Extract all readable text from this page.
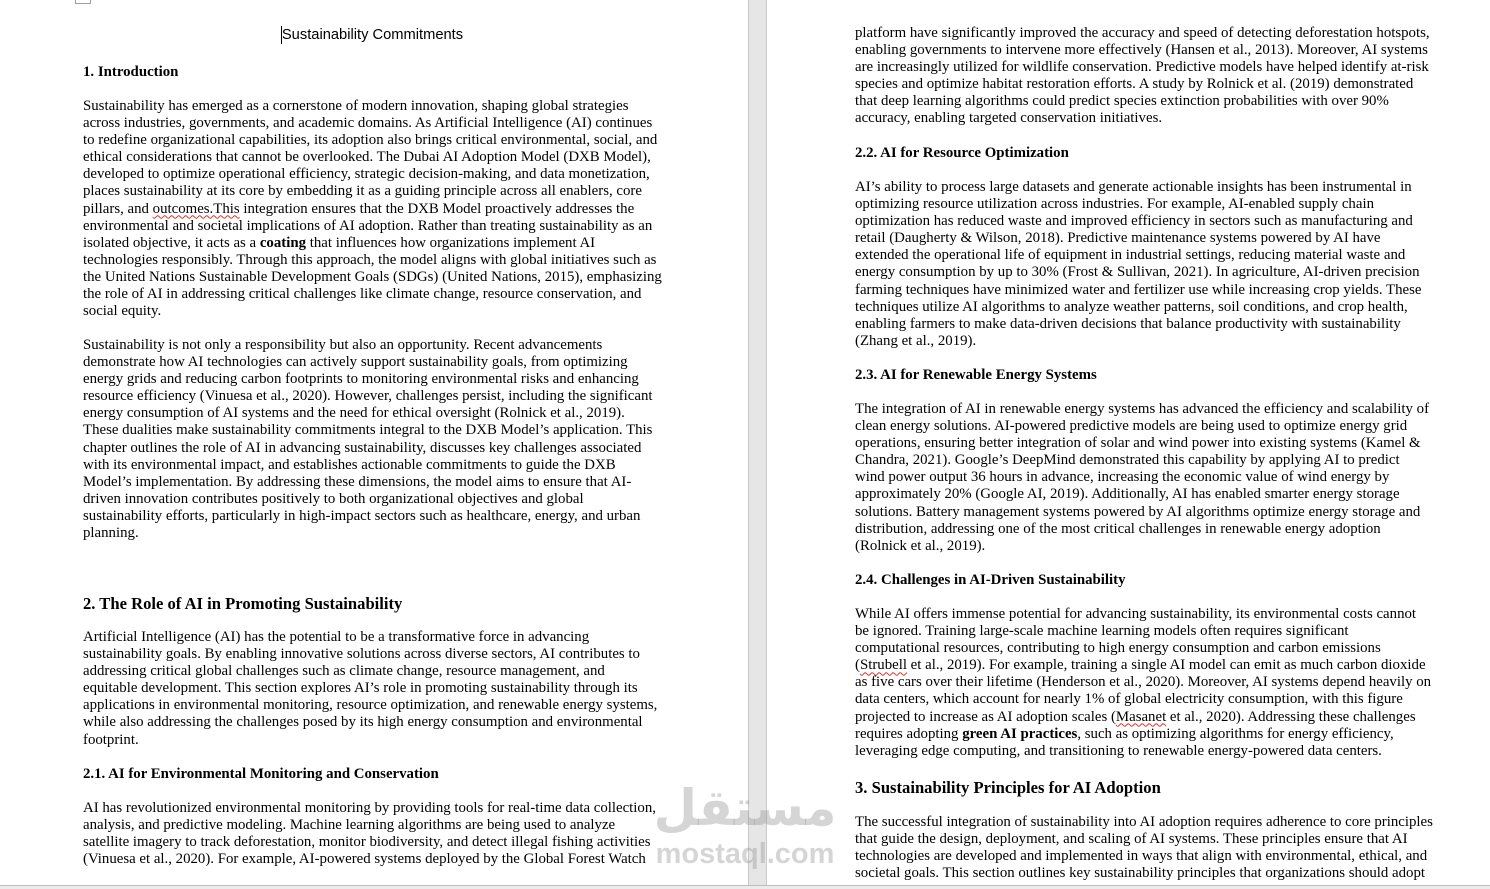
Sustainability Commitments
1. Introduction
Sustainability has emerged as a cornerstone of modern innovation, shaping global strategies
across industries, governments, and academic domains. As Artificial Intelligence (AI) continues
to redefine organizational capabilities, its adoption also brings critical environmental, social, and
ethical considerations that cannot be overlooked. The Dubai AI Adoption Model (DXB Model),
developed to optimize operational efficiency, strategic decision-making, and data monetization,
places sustainability at its core by embedding it as a guiding principle across all enablers, core
pillars, and outcomes.This integration ensures that the DXB Model proactively addresses the
environmental and societal implications of AI adoption. Rather than treating sustainability as an
isolated objective, it acts as a coating that influences how organizations implement AI
technologies responsibly. Through this approach, the model aligns with global initiatives such as
the United Nations Sustainable Development Goals (SDGs) (United Nations, 2015), emphasizing
the role of AI in addressing critical challenges like climate change, resource conservation, and
social equity.
Sustainability is not only a responsibility but also an opportunity. Recent advancements
demonstrate how AI technologies can actively support sustainability goals, from optimizing
energy grids and reducing carbon footprints to monitoring environmental risks and enhancing
resource efficiency (Vinuesa et al., 2020). However, challenges persist, including the significant
energy consumption of AI systems and the need for ethical oversight (Rolnick et al., 2019).
These dualities make sustainability commitments integral to the DXB Model’s application. This
chapter outlines the role of AI in advancing sustainability, discusses key challenges associated
with its environmental impact, and establishes actionable commitments to guide the DXB
Model’s implementation. By addressing these dimensions, the model aims to ensure that AI-
driven innovation contributes positively to both organizational objectives and global
sustainability efforts, particularly in high-impact sectors such as healthcare, energy, and urban
planning.
2. The Role of AI in Promoting Sustainability
Artificial Intelligence (AI) has the potential to be a transformative force in advancing
sustainability goals. By enabling innovative solutions across diverse sectors, AI contributes to
addressing critical global challenges such as climate change, resource management, and
equitable development. This section explores AI’s role in promoting sustainability through its
applications in environmental monitoring, resource optimization, and renewable energy systems,
while also addressing the challenges posed by its high energy consumption and environmental
footprint.
2.1. AI for Environmental Monitoring and Conservation
AI has revolutionized environmental monitoring by providing tools for real-time data collection,
analysis, and predictive modeling. Machine learning algorithms are being used to analyze
satellite imagery to track deforestation, monitor biodiversity, and detect illegal fishing activities
(Vinuesa et al., 2020). For example, AI-powered systems deployed by the Global Forest Watch
platform have significantly improved the accuracy and speed of detecting deforestation hotspots,
enabling governments to intervene more effectively (Hansen et al., 2013). Moreover, AI systems
are increasingly utilized for wildlife conservation. Predictive models have helped identify at-risk
species and optimize habitat restoration efforts. A study by Rolnick et al. (2019) demonstrated
that deep learning algorithms could predict species extinction probabilities with over 90%
accuracy, enabling targeted conservation initiatives.
2.2. AI for Resource Optimization
AI’s ability to process large datasets and generate actionable insights has been instrumental in
optimizing resource utilization across industries. For example, AI-enabled supply chain
optimization has reduced waste and improved efficiency in sectors such as manufacturing and
retail (Daugherty & Wilson, 2018). Predictive maintenance systems powered by AI have
extended the operational life of equipment in industrial settings, reducing material waste and
energy consumption by up to 30% (Frost & Sullivan, 2021). In agriculture, AI-driven precision
farming techniques have minimized water and fertilizer use while increasing crop yields. These
techniques utilize AI algorithms to analyze weather patterns, soil conditions, and crop health,
enabling farmers to make data-driven decisions that balance productivity with sustainability
(Zhang et al., 2019).
2.3. AI for Renewable Energy Systems
The integration of AI in renewable energy systems has advanced the efficiency and scalability of
clean energy solutions. AI-powered predictive models are being used to optimize energy grid
operations, ensuring better integration of solar and wind power into existing systems (Kamel &
Chandra, 2021). Google’s DeepMind demonstrated this capability by applying AI to predict
wind power output 36 hours in advance, increasing the economic value of wind energy by
approximately 20% (Google AI, 2019). Additionally, AI has enabled smarter energy storage
solutions. Battery management systems powered by AI algorithms optimize energy storage and
distribution, addressing one of the most critical challenges in renewable energy adoption
(Rolnick et al., 2019).
2.4. Challenges in AI-Driven Sustainability
While AI offers immense potential for advancing sustainability, its environmental costs cannot
be ignored. Training large-scale machine learning models often requires significant
computational resources, contributing to high energy consumption and carbon emissions
(Strubell et al., 2019). For example, training a single AI model can emit as much carbon dioxide
as five cars over their lifetime (Henderson et al., 2020). Moreover, AI systems depend heavily on
data centers, which account for nearly 1% of global electricity consumption, with this figure
projected to increase as AI adoption scales (Masanet et al., 2020). Addressing these challenges
requires adopting green AI practices, such as optimizing algorithms for energy efficiency,
leveraging edge computing, and transitioning to renewable energy-powered data centers.
3. Sustainability Principles for AI Adoption
The successful integration of sustainability into AI adoption requires adherence to core principles
that guide the design, deployment, and scaling of AI systems. These principles ensure that AI
technologies are developed and implemented in ways that align with environmental, ethical, and
societal goals. This section outlines key sustainability principles that organizations should adopt
مستقل
mostaql.com
